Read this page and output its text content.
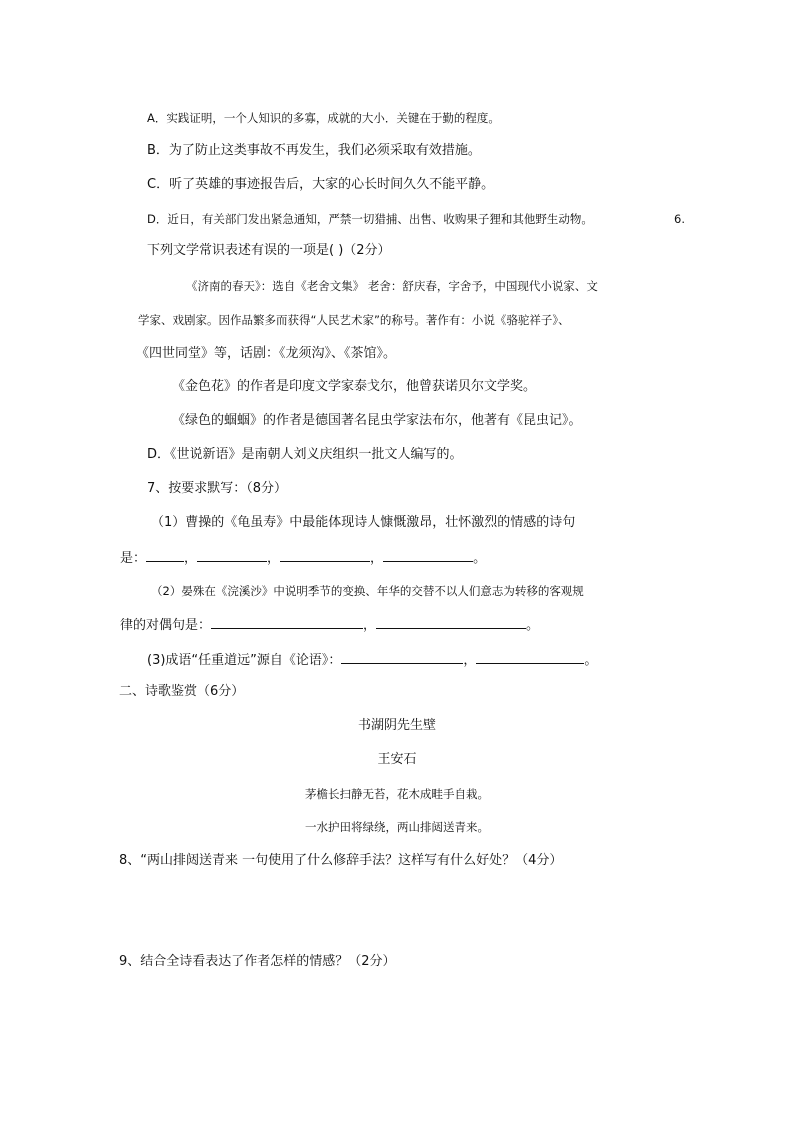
A．实践证明，一个人知识的多寡，成就的大小．关键在于勤的程度。
B．为了防止这类事故不再发生，我们必须采取有效措施。
C．听了英雄的事迹报告后，大家的心长时间久久不能平静。
D．近日，有关部门发出紧急通知，严禁一切猎捕、出售、收购果子狸和其他野生动物。	6.
下列文学常识表述有误的一项是( )（2分）
《济南的春天》：选自《老舍文集》 老舍：舒庆春，字舍予，中国现代小说家、文
学家、戏剧家。因作品繁多而获得“人民艺术家”的称号。著作有：小说《骆驼祥子》、
《四世同堂》等，话剧：《龙须沟》、《茶馆》。
《金色花》的作者是印度文学家泰戈尔，他曾获诺贝尔文学奖。
《绿色的蝈蝈》的作者是德国著名昆虫学家法布尔，他著有《昆虫记》。
D．《世说新语》是南朝人刘义庆组织一批文人编写的。
7、按要求默写：（8分）
（1）曹操的《龟虽寿》中最能体现诗人慷慨激昂，壮怀激烈的情感的诗句
是：	，	，	，	。
（2）晏殊在《浣溪沙》中说明季节的变换、年华的交替不以人们意志为转移的客观规
律的对偶句是：	，	。
(3)成语“任重道远”源自《论语》：	，	。
二、诗歌鉴赏（6分）
书湖阴先生壁
王安石
茅檐长扫静无苔，花木成畦手自栽。
一水护田将绿绕，两山排闼送青来。
8、“两山排闼送青来 一句使用了什么修辞手法？这样写有什么好处？（4分）
9、结合全诗看表达了作者怎样的情感？（2分）
